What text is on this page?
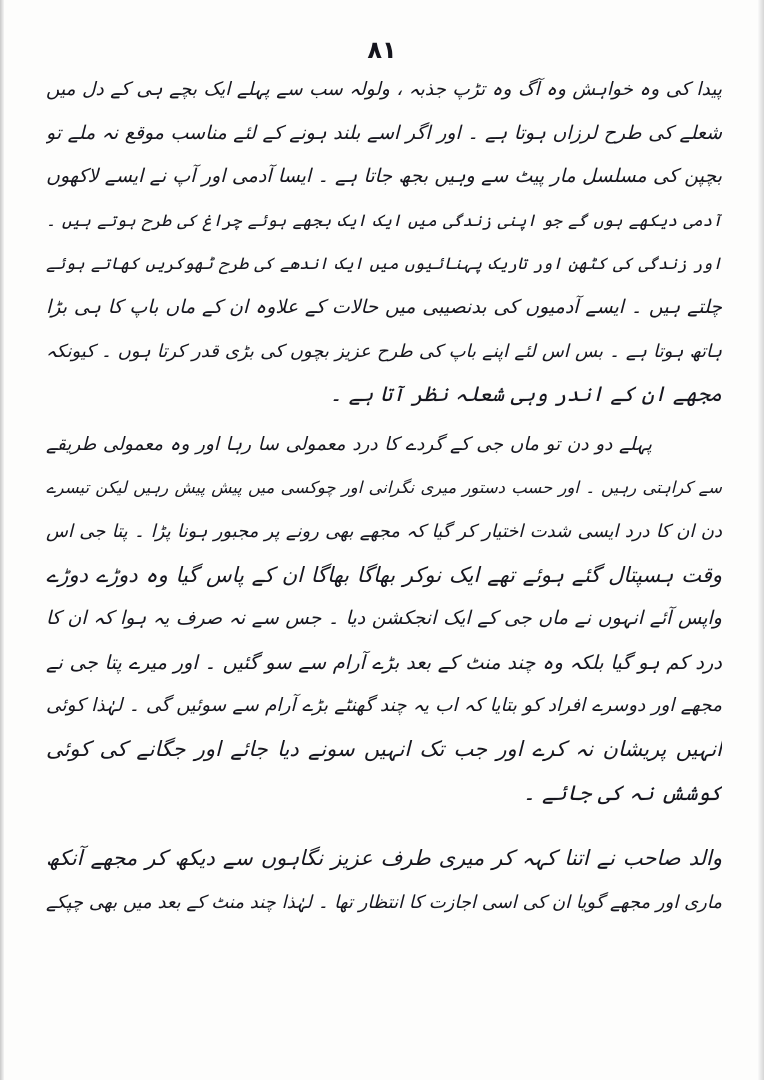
۸۱
پیدا کی وہ خواہش وہ آگ وہ تڑپ جذبہ ، ولولہ سب سے پہلے ایک بچے ہی کے دل میں
شعلے کی طرح لرزاں ہوتا ہے ۔ اور اگر اسے بلند ہونے کے لئے مناسب موقع نہ ملے تو
بچپن کی مسلسل مار پیٹ سے وہیں بجھ جاتا ہے ۔ ایسا آدمی اور آپ نے ایسے لاکھوں
آدمی دیکھے ہوں گے جو اپنی زندگی میں ایک ایک بجھے ہوئے چراغ کی طرح ہوتے ہیں ۔
اور زندگی کی کٹھن اور تاریک پہنائیوں میں ایک اندھے کی طرح ٹھوکریں کھاتے ہوئے
چلتے ہیں ۔ ایسے آدمیوں کی بدنصیبی میں حالات کے علاوہ ان کے ماں باپ کا ہی بڑا
ہاتھ ہوتا ہے ۔ بس اس لئے اپنے باپ کی طرح عزیز بچوں کی بڑی قدر کرتا ہوں ۔ کیونکہ
مجھے ان کے اندر وہی شعلہ نظر آتا ہے ۔
پہلے دو دن تو ماں جی کے گردے کا درد معمولی سا رہا اور وہ معمولی طریقے
سے کراہتی رہیں ۔ اور حسب دستور میری نگرانی اور چوکسی میں پیش پیش رہیں لیکن تیسرے
دن ان کا درد ایسی شدت اختیار کر گیا کہ مجھے بھی رونے پر مجبور ہونا پڑا ۔ پتا جی اس
وقت ہسپتال گئے ہوئے تھے ایک نوکر بھاگا بھاگا ان کے پاس گیا وہ دوڑے دوڑے
واپس آئے انہوں نے ماں جی کے ایک انجکشن دیا ۔ جس سے نہ صرف یہ ہوا کہ ان کا
درد کم ہو گیا بلکہ وہ چند منٹ کے بعد بڑے آرام سے سو گئیں ۔ اور میرے پتا جی نے
مجھے اور دوسرے افراد کو بتایا کہ اب یہ چند گھنٹے بڑے آرام سے سوئیں گی ۔ لہٰذا کوئی
انہیں پریشان نہ کرے اور جب تک انہیں سونے دیا جائے اور جگانے کی کوئی
کوشش نہ کی جائے ۔
والد صاحب نے اتنا کہہ کر میری طرف عزیز نگاہوں سے دیکھ کر مجھے آنکھ
ماری اور مجھے گویا ان کی اسی اجازت کا انتظار تھا ۔ لہٰذا چند منٹ کے بعد میں بھی چپکے
